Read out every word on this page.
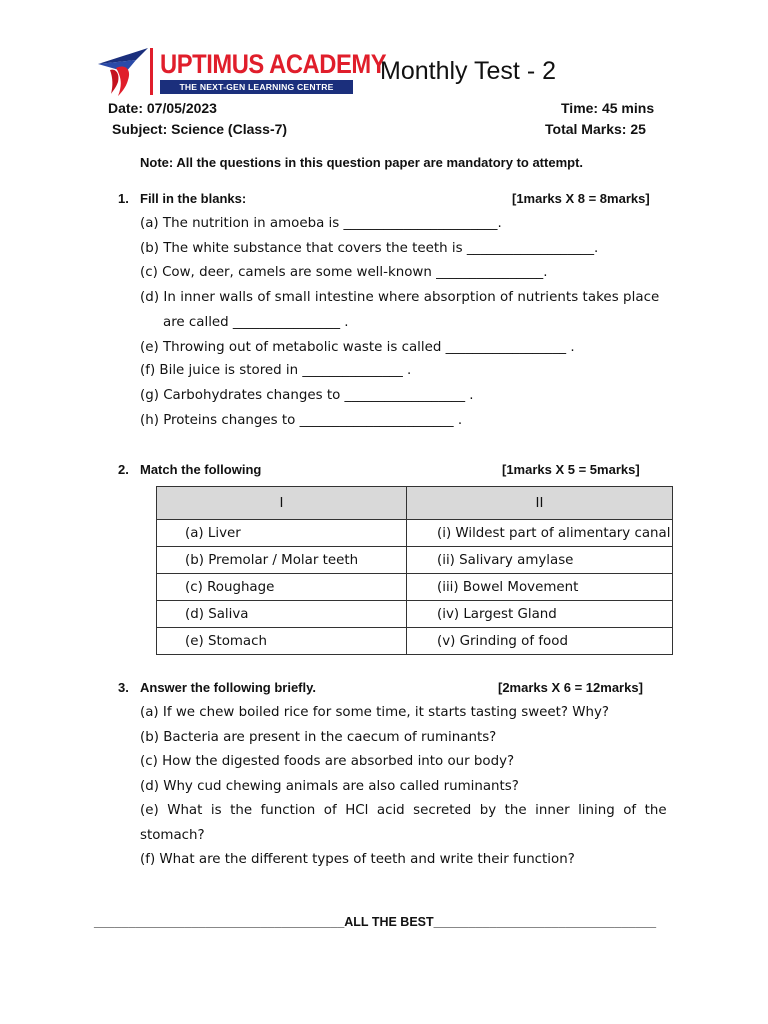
UPTIMUS ACADEMY
THE NEXT-GEN LEARNING CENTRE
Monthly Test - 2
Date: 07/05/2023	Time: 45 mins
Subject: Science (Class-7)	Total Marks: 25
Note: All the questions in this question paper are mandatory to attempt.
1. Fill in the blanks:	[1marks X 8 = 8marks]
(a) The nutrition in amoeba is _______________________.
(b) The white substance that covers the teeth is ___________________.
(c) Cow, deer, camels are some well-known ________________.
(d) In inner walls of small intestine where absorption of nutrients takes place
are called ________________ .
(e) Throwing out of metabolic waste is called __________________ .
(f) Bile juice is stored in _______________ .
(g) Carbohydrates changes to __________________ .
(h) Proteins changes to _______________________ .
2. Match the following	[1marks X 5 = 5marks]
I	II
(a) Liver	(i) Wildest part of alimentary canal
(b) Premolar / Molar teeth	(ii) Salivary amylase
(c) Roughage	(iii) Bowel Movement
(d) Saliva	(iv) Largest Gland
(e) Stomach	(v) Grinding of food
3. Answer the following briefly.	[2marks X 6 = 12marks]
(a) If we chew boiled rice for some time, it starts tasting sweet? Why?
(b) Bacteria are present in the caecum of ruminants?
(c) How the digested foods are absorbed into our body?
(d) Why cud chewing animals are also called ruminants?
(e)  What  is  the  function  of  HCl  acid  secreted  by  the  inner  lining  of  the
stomach?
(f) What are the different types of teeth and write their function?
____________________________________ALL THE BEST________________________________
